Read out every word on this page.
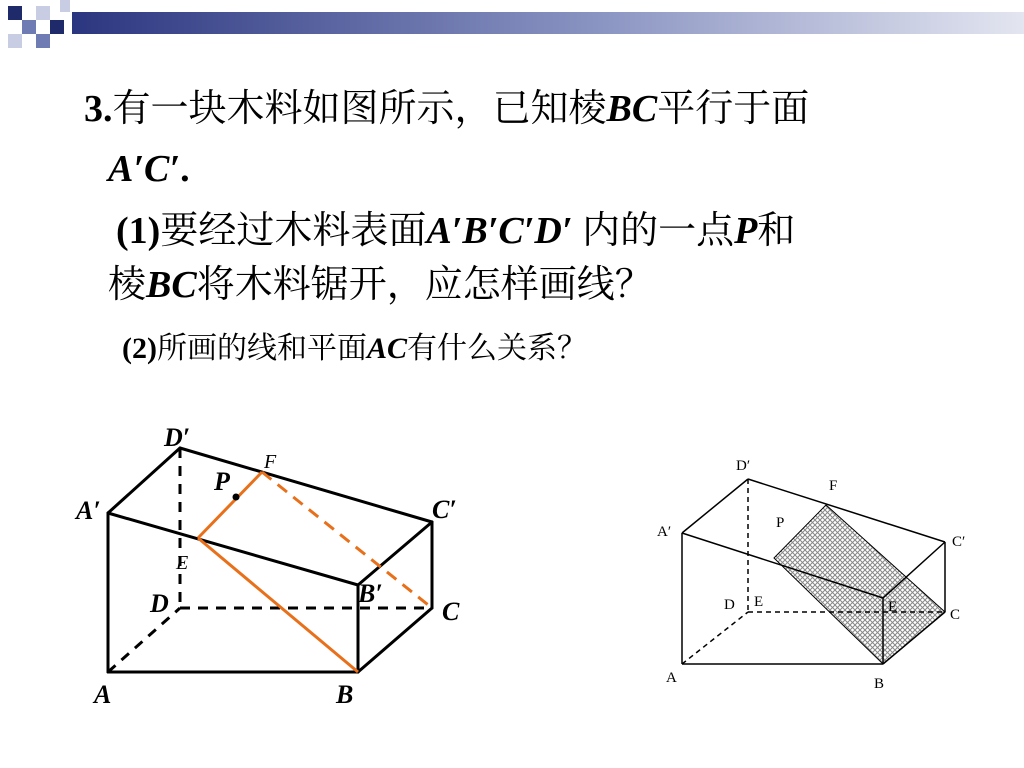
3.有一块木料如图所示，已知棱BC平行于面
A′C′.
(1)要经过木料表面A′B′C′D′ 内的一点P和
棱BC将木料锯开，应怎样画线？
(2)所画的线和平面AC有什么关系？
D′
A′	C′
P
D	B′
C
A	B
F
E
D′
F
A′
P
C′
D E	E	C
A	B
